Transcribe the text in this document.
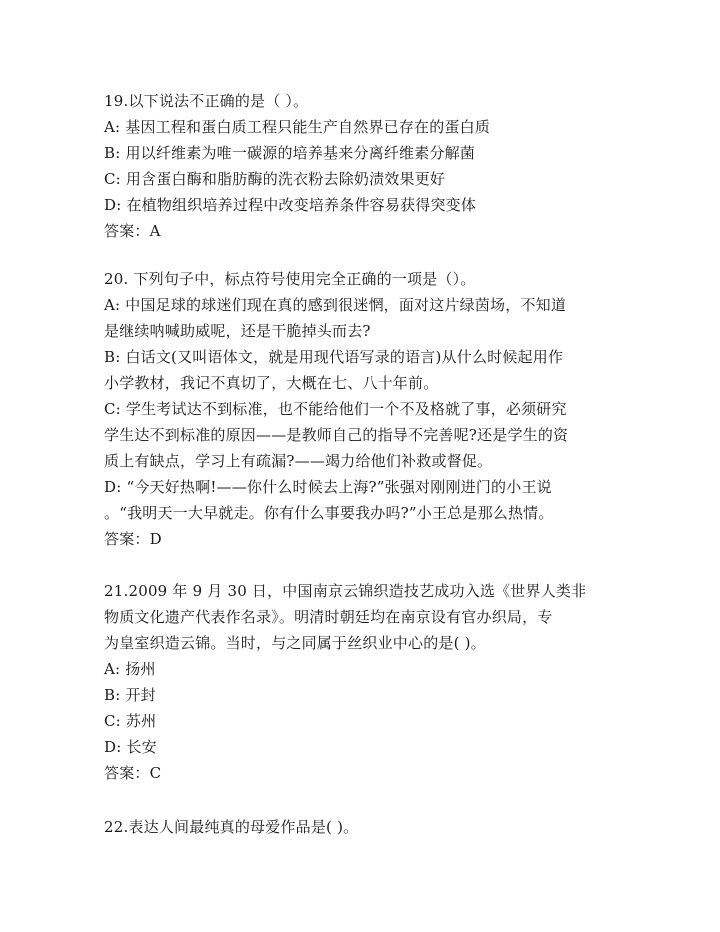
19.以下说法不正确的是（ ）。
A: 基因工程和蛋白质工程只能生产自然界已存在的蛋白质
B: 用以纤维素为唯一碳源的培养基来分离纤维素分解菌
C: 用含蛋白酶和脂肪酶的洗衣粉去除奶渍效果更好
D: 在植物组织培养过程中改变培养条件容易获得突变体
答案：A
20. 下列句子中，标点符号使用完全正确的一项是（）。
A: 中国足球的球迷们现在真的感到很迷惘，面对这片绿茵场，不知道
是继续呐喊助威呢，还是干脆掉头而去?
B: 白话文(又叫语体文，就是用现代语写录的语言)从什么时候起用作
小学教材，我记不真切了，大概在七、八十年前。
C: 学生考试达不到标准，也不能给他们一个不及格就了事，必须研究
学生达不到标准的原因——是教师自己的指导不完善呢?还是学生的资
质上有缺点，学习上有疏漏?——竭力给他们补救或督促。
D: “今天好热啊!——你什么时候去上海?”张强对刚刚进门的小王说
。“我明天一大早就走。你有什么事要我办吗?”小王总是那么热情。
答案：D
21.2009 年 9 月 30 日，中国南京云锦织造技艺成功入选《世界人类非
物质文化遗产代表作名录》。明清时朝廷均在南京设有官办织局，专
为皇室织造云锦。当时，与之同属于丝织业中心的是( )。
A: 扬州
B: 开封
C: 苏州
D: 长安
答案：C
22.表达人间最纯真的母爱作品是( )。
